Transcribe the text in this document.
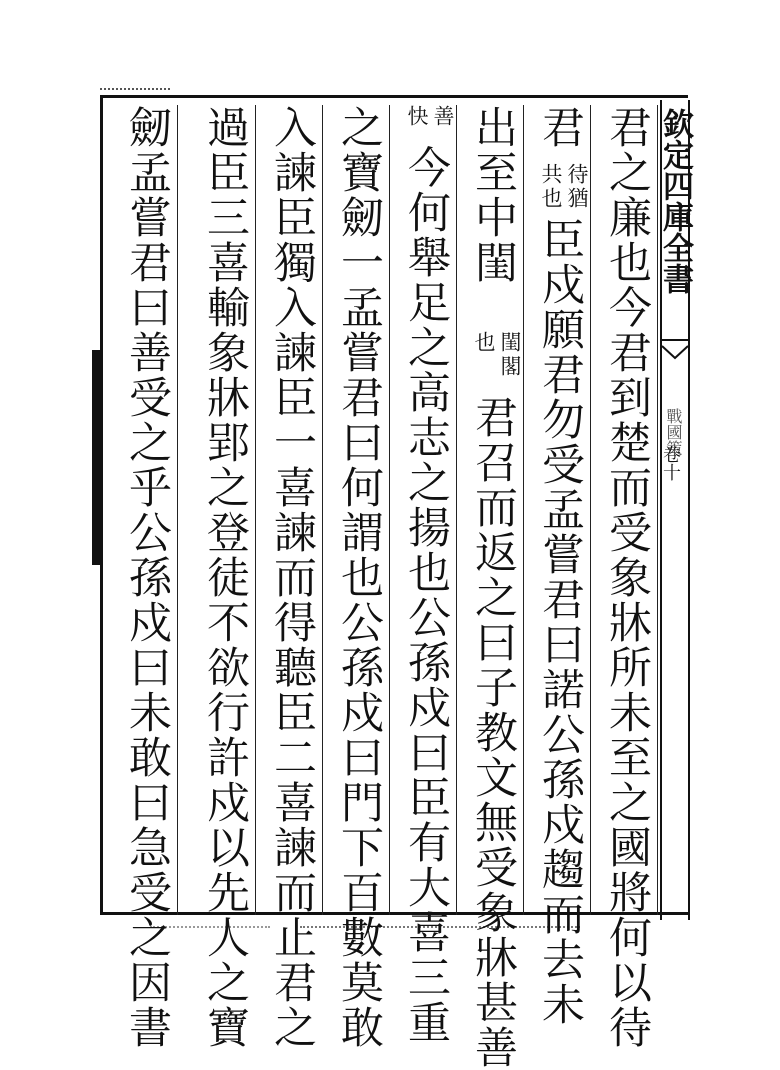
欽定四庫全書
戰國策
卷十
君之廉也今君到楚而受象牀所未至之國將何以待
君
待猶
共也
臣戍願君勿受孟嘗君曰諾公孫戍趨而去未
出至中閨
閨閣
也
君召而返之曰子教文無受象牀甚善
善
快
今何舉足之高志之揚也公孫戍曰臣有大喜三重
之寶劒一孟嘗君曰何謂也公孫戍曰門下百數莫敢
入諫臣獨入諫臣一喜諫而得聽臣二喜諫而止君之
過臣三喜輸象牀郢之登徒不欲行許戍以先人之寶
劒孟嘗君曰善受之乎公孫戍曰未敢曰急受之因書
